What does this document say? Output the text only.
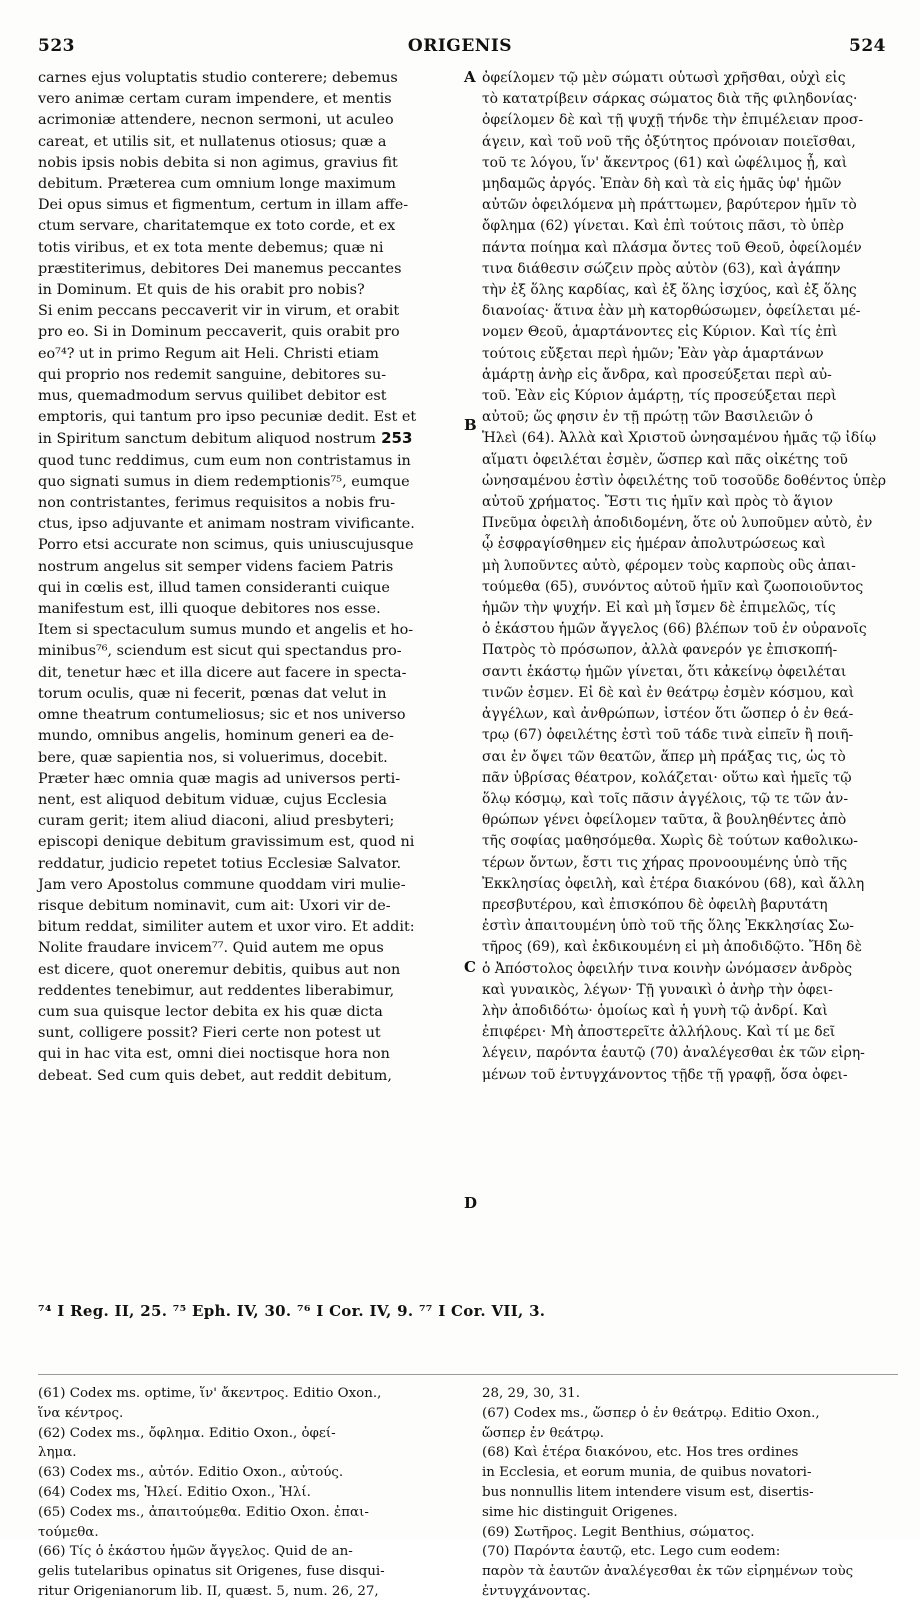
523	ORIGENIS	524
carnes ejus voluptatis studio conterere; debemus
vero animæ certam curam impendere, et mentis
acrimoniæ attendere, necnon sermoni, ut aculeo
careat, et utilis sit, et nullatenus otiosus; quæ a
nobis ipsis nobis debita si non agimus, gravius fit
debitum. Præterea cum omnium longe maximum
Dei opus simus et figmentum, certum in illam affe-
ctum servare, charitatemque ex toto corde, et ex
totis viribus, et ex tota mente debemus; quæ ni
præstiterimus, debitores Dei manemus peccantes
in Dominum. Et quis de his orabit pro nobis?
Si enim peccans peccaverit vir in virum, et orabit
pro eo. Si in Dominum peccaverit, quis orabit pro
eo⁷⁴? ut in primo Regum ait Heli. Christi etiam
qui proprio nos redemit sanguine, debitores su-
mus, quemadmodum servus quilibet debitor est
emptoris, qui tantum pro ipso pecuniæ dedit. Est et
in Spiritum sanctum debitum aliquod nostrum 253
quod tunc reddimus, cum eum non contristamus in
quo signati sumus in diem redemptionis⁷⁵, eumque
non contristantes, ferimus requisitos a nobis fru-
ctus, ipso adjuvante et animam nostram vivificante.
Porro etsi accurate non scimus, quis uniuscujusque
nostrum angelus sit semper videns faciem Patris
qui in cœlis est, illud tamen consideranti cuique
manifestum est, illi quoque debitores nos esse.
Item si spectaculum sumus mundo et angelis et ho-
minibus⁷⁶, sciendum est sicut qui spectandus pro-
dit, tenetur hæc et illa dicere aut facere in specta-
torum oculis, quæ ni fecerit, pœnas dat velut in
omne theatrum contumeliosus; sic et nos universo
mundo, omnibus angelis, hominum generi ea de-
bere, quæ sapientia nos, si voluerimus, docebit.
Præter hæc omnia quæ magis ad universos perti-
nent, est aliquod debitum viduæ, cujus Ecclesia
curam gerit; item aliud diaconi, aliud presbyteri;
episcopi denique debitum gravissimum est, quod ni
reddatur, judicio repetet totius Ecclesiæ Salvator.
Jam vero Apostolus commune quoddam viri mulie-
risque debitum nominavit, cum ait: Uxori vir de-
bitum reddat, similiter autem et uxor viro. Et addit:
Nolite fraudare invicem⁷⁷. Quid autem me opus
est dicere, quot oneremur debitis, quibus aut non
reddentes tenebimur, aut reddentes liberabimur,
cum sua quisque lector debita ex his quæ dicta
sunt, colligere possit? Fieri certe non potest ut
qui in hac vita est, omni diei noctisque hora non
debeat. Sed cum quis debet, aut reddit debitum,
A
B
C
D
ὀφείλομεν τῷ μὲν σώματι οὑτωσὶ χρῆσθαι, οὐχὶ εἰς
τὸ κατατρίβειν σάρκας σώματος διὰ τῆς φιληδονίας·
ὀφείλομεν δὲ καὶ τῇ ψυχῇ τήνδε τὴν ἐπιμέλειαν προσ-
άγειν, καὶ τοῦ νοῦ τῆς ὀξύτητος πρόνοιαν ποιεῖσθαι,
τοῦ τε λόγου, ἵν' ἄκεντρος (61) καὶ ὠφέλιμος ᾖ, καὶ
μηδαμῶς ἀργός. Ἐπὰν δὴ καὶ τὰ εἰς ἡμᾶς ὑφ' ἡμῶν
αὐτῶν ὀφειλόμενα μὴ πράττωμεν, βαρύτερον ἡμῖν τὸ
ὄφλημα (62) γίνεται. Καὶ ἐπὶ τούτοις πᾶσι, τὸ ὑπὲρ
πάντα ποίημα καὶ πλάσμα ὄντες τοῦ Θεοῦ, ὀφείλομέν
τινα διάθεσιν σώζειν πρὸς αὐτὸν (63), καὶ ἀγάπην
τὴν ἐξ ὅλης καρδίας, καὶ ἐξ ὅλης ἰσχύος, καὶ ἐξ ὅλης
διανοίας· ἅτινα ἐὰν μὴ κατορθώσωμεν, ὀφείλεται μέ-
νομεν Θεοῦ, ἁμαρτάνοντες εἰς Κύριον. Καὶ τίς ἐπὶ
τούτοις εὔξεται περὶ ἡμῶν; Ἐὰν γὰρ ἁμαρτάνων
ἁμάρτῃ ἀνὴρ εἰς ἄνδρα, καὶ προσεύξεται περὶ αὐ-
τοῦ. Ἐὰν εἰς Κύριον ἁμάρτῃ, τίς προσεύξεται περὶ
αὐτοῦ; ὥς φησιν ἐν τῇ πρώτῃ τῶν Βασιλειῶν ὁ
Ἡλεὶ (64). Ἀλλὰ καὶ Χριστοῦ ὠνησαμένου ἡμᾶς τῷ ἰδίῳ
αἵματι ὀφειλέται ἐσμὲν, ὥσπερ καὶ πᾶς οἰκέτης τοῦ
ὠνησαμένου ἐστὶν ὀφειλέτης τοῦ τοσοῦδε δοθέντος ὑπὲρ
αὐτοῦ χρήματος. Ἔστι τις ἡμῖν καὶ πρὸς τὸ ἅγιον
Πνεῦμα ὀφειλὴ ἀποδιδομένη, ὅτε οὐ λυποῦμεν αὐτὸ, ἐν
ᾧ ἐσφραγίσθημεν εἰς ἡμέραν ἀπολυτρώσεως καὶ
μὴ λυποῦντες αὐτὸ, φέρομεν τοὺς καρποὺς οὓς ἀπαι-
τούμεθα (65), συνόντος αὐτοῦ ἡμῖν καὶ ζωοποιοῦντος
ἡμῶν τὴν ψυχήν. Εἰ καὶ μὴ ἴσμεν δὲ ἐπιμελῶς, τίς
ὁ ἑκάστου ἡμῶν ἄγγελος (66) βλέπων τοῦ ἐν οὐρανοῖς
Πατρὸς τὸ πρόσωπον, ἀλλὰ φανερόν γε ἐπισκοπή-
σαντι ἑκάστῳ ἡμῶν γίνεται, ὅτι κἀκείνῳ ὀφειλέται
τινῶν ἐσμεν. Εἰ δὲ καὶ ἐν θεάτρῳ ἐσμὲν κόσμου, καὶ
ἀγγέλων, καὶ ἀνθρώπων, ἰστέον ὅτι ὥσπερ ὁ ἐν θεά-
τρῳ (67) ὀφειλέτης ἐστὶ τοῦ τάδε τινὰ εἰπεῖν ἢ ποιῆ-
σαι ἐν ὄψει τῶν θεατῶν, ἅπερ μὴ πράξας τις, ὡς τὸ
πᾶν ὑβρίσας θέατρον, κολάζεται· οὕτω καὶ ἡμεῖς τῷ
ὅλῳ κόσμῳ, καὶ τοῖς πᾶσιν ἀγγέλοις, τῷ τε τῶν ἀν-
θρώπων γένει ὀφείλομεν ταῦτα, ἃ βουληθέντες ἀπὸ
τῆς σοφίας μαθησόμεθα. Χωρὶς δὲ τούτων καθολικω-
τέρων ὄντων, ἔστι τις χήρας προνοουμένης ὑπὸ τῆς
Ἐκκλησίας ὀφειλὴ, καὶ ἑτέρα διακόνου (68), καὶ ἄλλη
πρεσβυτέρου, καὶ ἐπισκόπου δὲ ὀφειλὴ βαρυτάτη
ἐστὶν ἀπαιτουμένη ὑπὸ τοῦ τῆς ὅλης Ἐκκλησίας Σω-
τῆρος (69), καὶ ἐκδικουμένη εἰ μὴ ἀποδιδῷτο. Ἤδη δὲ
ὁ Ἀπόστολος ὀφειλήν τινα κοινὴν ὠνόμασεν ἀνδρὸς
καὶ γυναικὸς, λέγων· Τῇ γυναικὶ ὁ ἀνὴρ τὴν ὀφει-
λὴν ἀποδιδότω· ὁμοίως καὶ ἡ γυνὴ τῷ ἀνδρί. Καὶ
ἐπιφέρει· Μὴ ἀποστερεῖτε ἀλλήλους. Καὶ τί με δεῖ
λέγειν, παρόντα ἑαυτῷ (70) ἀναλέγεσθαι ἐκ τῶν εἰρη-
μένων τοῦ ἐντυγχάνοντος τῇδε τῇ γραφῇ, ὅσα ὀφει-
⁷⁴ I Reg. II, 25. ⁷⁵ Eph. IV, 30. ⁷⁶ I Cor. IV, 9. ⁷⁷ I Cor. VII, 3.
(61) Codex ms. optime, ἵν' ἄκεντρος. Editio Oxon.,
ἵνα κέντρος.
(62) Codex ms., ὄφλημα. Editio Oxon., ὀφεί-
λημα.
(63) Codex ms., αὐτόν. Editio Oxon., αὐτούς.
(64) Codex ms, Ἡλεί. Editio Oxon., Ἠλί.
(65) Codex ms., ἀπαιτούμεθα. Editio Oxon. ἐπαι-
τούμεθα.
(66) Τίς ὁ ἑκάστου ἡμῶν ἄγγελος. Quid de an-
gelis tutelaribus opinatus sit Origenes, fuse disqui-
ritur Origenianorum lib. II, quæst. 5, num. 26, 27,
28, 29, 30, 31.
(67) Codex ms., ὥσπερ ὁ ἐν θεάτρῳ. Editio Oxon.,
ὥσπερ ἐν θεάτρῳ.
(68) Καὶ ἑτέρα διακόνου, etc. Hos tres ordines
in Ecclesia, et eorum munia, de quibus novatori-
bus nonnullis litem intendere visum est, disertis-
sime hic distinguit Origenes.
(69) Σωτῆρος. Legit Benthius, σώματος.
(70) Παρόντα ἑαυτῷ, etc. Lego cum eodem:
παρὸν τὰ ἑαυτῶν ἀναλέγεσθαι ἐκ τῶν εἰρημένων τοὺς
ἐντυγχάνοντας.
